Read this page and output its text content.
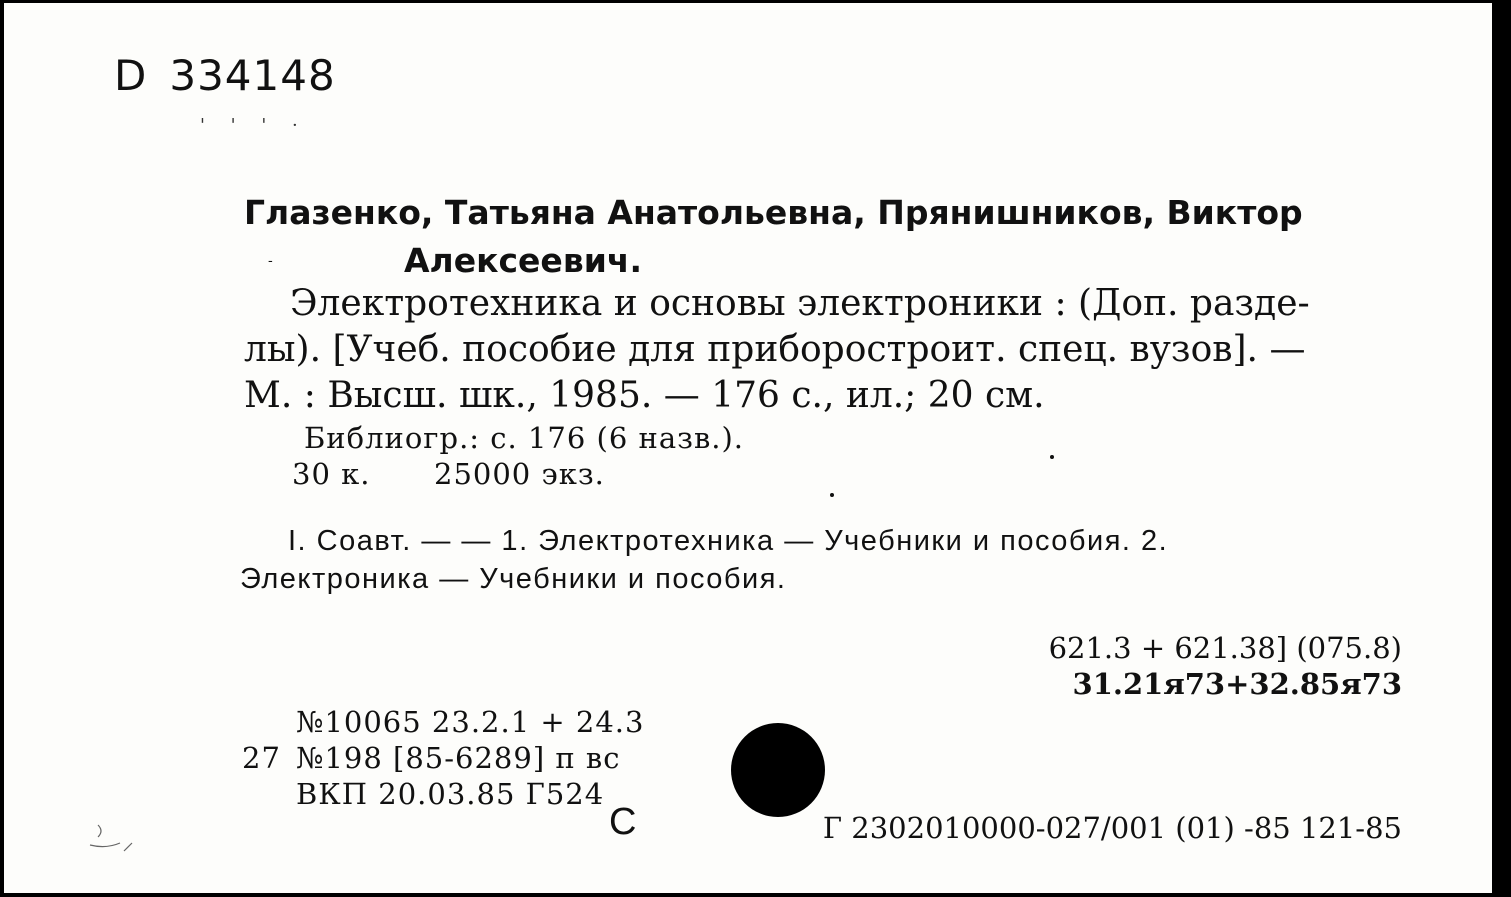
D 334148
' ' ' ·
Глазенко, Татьяна Анатольевна, Прянишников, Виктор
-	Алексеевич.
Электротехника и основы электроники : (Доп. разде-
лы). [Учеб. пособие для приборостроит. спец. вузов]. —
М. : Высш. шк., 1985. — 176 с., ил.; 20 см.
Библиогр.: с. 176 (6 назв.).
30 к. 25000 экз.
I. Соавт. — — 1. Электротехника — Учебники и пособия. 2.
Электроника — Учебники и пособия.
621.3 + 621.38] (075.8)
31.21я73+32.85я73
№10065 23.2.1 + 24.3
27 №198 [85-6289] п вс
ВКП 20.03.85 Г524
С	Г 2302010000-027/001 (01) -85 121-85
